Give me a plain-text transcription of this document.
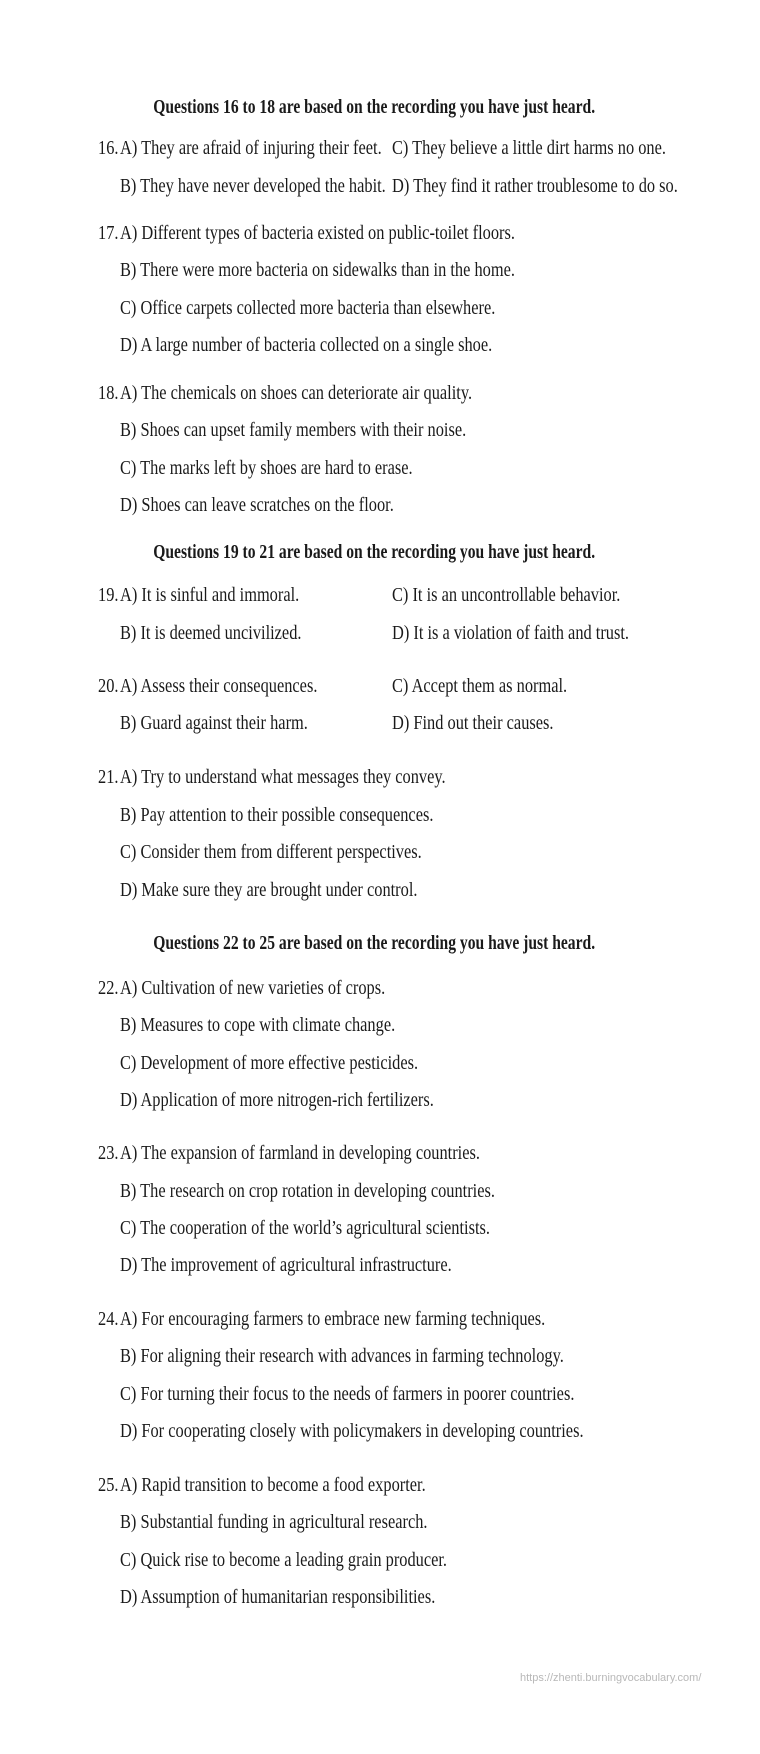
Questions 16 to 18 are based on the recording you have just heard.
16. A) They are afraid of injuring their feet. C) They believe a little dirt harms no one.
B) They have never developed the habit. D) They find it rather troublesome to do so.
17. A) Different types of bacteria existed on public-toilet floors.
B) There were more bacteria on sidewalks than in the home.
C) Office carpets collected more bacteria than elsewhere.
D) A large number of bacteria collected on a single shoe.
18. A) The chemicals on shoes can deteriorate air quality.
B) Shoes can upset family members with their noise.
C) The marks left by shoes are hard to erase.
D) Shoes can leave scratches on the floor.
Questions 19 to 21 are based on the recording you have just heard.
19. A) It is sinful and immoral.	C) It is an uncontrollable behavior.
B) It is deemed uncivilized.	D) It is a violation of faith and trust.
20. A) Assess their consequences.	C) Accept them as normal.
B) Guard against their harm.	D) Find out their causes.
21. A) Try to understand what messages they convey.
B) Pay attention to their possible consequences.
C) Consider them from different perspectives.
D) Make sure they are brought under control.
Questions 22 to 25 are based on the recording you have just heard.
22. A) Cultivation of new varieties of crops.
B) Measures to cope with climate change.
C) Development of more effective pesticides.
D) Application of more nitrogen-rich fertilizers.
23. A) The expansion of farmland in developing countries.
B) The research on crop rotation in developing countries.
C) The cooperation of the world’s agricultural scientists.
D) The improvement of agricultural infrastructure.
24. A) For encouraging farmers to embrace new farming techniques.
B) For aligning their research with advances in farming technology.
C) For turning their focus to the needs of farmers in poorer countries.
D) For cooperating closely with policymakers in developing countries.
25. A) Rapid transition to become a food exporter.
B) Substantial funding in agricultural research.
C) Quick rise to become a leading grain producer.
D) Assumption of humanitarian responsibilities.
https://zhenti.burningvocabulary.com/
